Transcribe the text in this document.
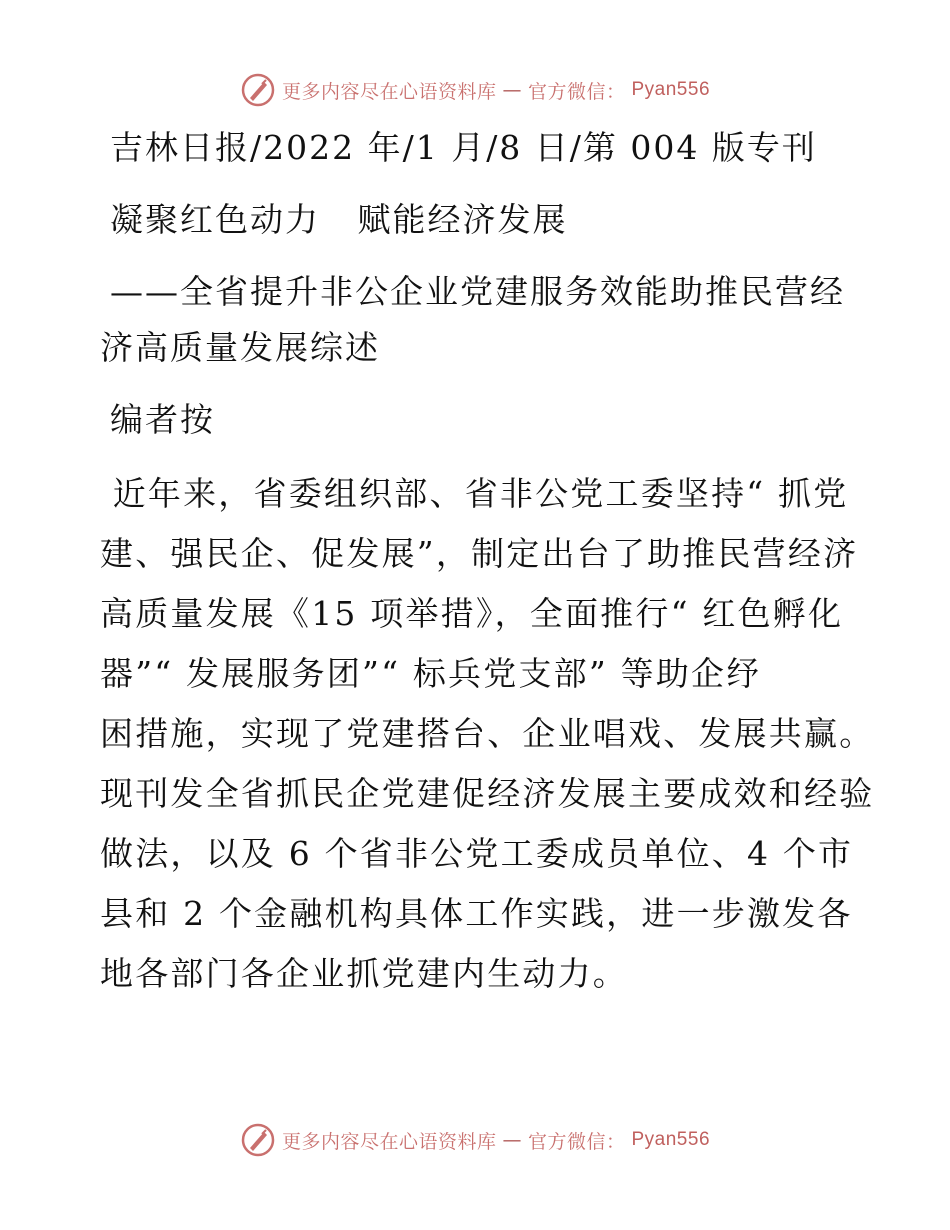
更多内容尽在心语资料库 — 官方微信： Pyan556
吉林日报/2022 年/1 月/8 日/第 004 版专刊
凝聚红色动力   赋能经济发展
——全省提升非公企业党建服务效能助推民营经
济高质量发展综述
编者按
近年来，省委组织部、省非公党工委坚持“ 抓党
建、强民企、促发展”，制定出台了助推民营经济
高质量发展《15 项举措》，全面推行“ 红色孵化
器”“ 发展服务团”“ 标兵党支部” 等助企纾
困措施，实现了党建搭台、企业唱戏、发展共赢。
现刊发全省抓民企党建促经济发展主要成效和经验
做法，以及 6 个省非公党工委成员单位、4 个市
县和 2 个金融机构具体工作实践，进一步激发各
地各部门各企业抓党建内生动力。
更多内容尽在心语资料库 — 官方微信： Pyan556
